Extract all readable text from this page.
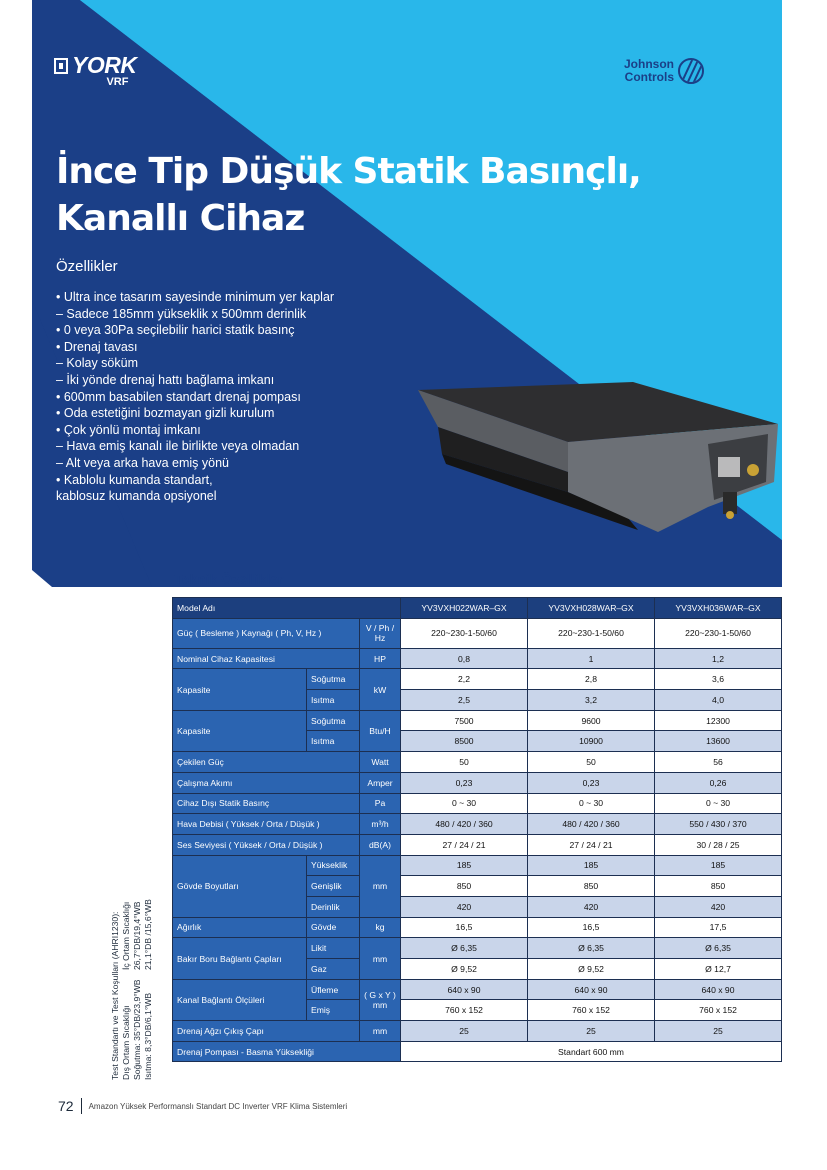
YORK
VRF
Johnson
Controls
İnce Tip Düşük Statik Basınçlı,
Kanallı Cihaz
Özellikler
• Ultra ince tasarım sayesinde minimum yer kaplar
– Sadece 185mm yükseklik x 500mm derinlik
• 0 veya 30Pa seçilebilir harici statik basınç
• Drenaj tavası
– Kolay söküm
– İki yönde drenaj hattı bağlama imkanı
• 600mm basabilen standart drenaj pompası
• Oda estetiğini bozmayan gizli kurulum
• Çok yönlü montaj imkanı
– Hava emiş kanalı ile birlikte veya olmadan
– Alt veya arka hava emiş yönü
• Kablolu kumanda standart,
kablosuz kumanda opsiyonel
Teknik Özellikler
Model Adı			YV3VXH022WAR–GX	YV3VXH028WAR–GX	YV3VXH036WAR–GX
Güç ( Besleme ) Kaynağı ( Ph, V, Hz )		V / Ph / Hz	220~230-1-50/60	220~230-1-50/60	220~230-1-50/60
Nominal Cihaz Kapasitesi		HP	0,8	1	1,2
Kapasite	Soğutma	kW	2,2	2,8	3,6
	Isıtma		2,5	3,2	4,0
Kapasite	Soğutma	Btu/H	7500	9600	12300
	Isıtma		8500	10900	13600
Çekilen Güç		Watt	50	50	56
Çalışma Akımı		Amper	0,23	0,23	0,26
Cihaz Dışı Statik Basınç		Pa	0 ~ 30	0 ~ 30	0 ~ 30
Hava Debisi ( Yüksek / Orta / Düşük )		m³/h	480 / 420 / 360	480 / 420 / 360	550 / 430 / 370
Ses Seviyesi ( Yüksek / Orta / Düşük )		dB(A)	27 / 24 / 21	27 / 24 / 21	30 / 28 / 25
Gövde Boyutları	Yükseklik	mm	185	185	185
	Genişlik		850	850	850
	Derinlik		420	420	420
Ağırlık	Gövde	kg	16,5	16,5	17,5
Bakır Boru Bağlantı Çapları	Likit	mm	Ø 6,35	Ø 6,35	Ø 6,35
	Gaz		Ø 9,52	Ø 9,52	Ø 12,7
Kanal Bağlantı Ölçüleri	Üfleme	( G x Y ) mm	640 x 90	640 x 90	640 x 90
	Emiş		760 x 152	760 x 152	760 x 152
Drenaj Ağzı Çıkış Çapı		mm	25	25	25
Drenaj Pompası - Basma Yüksekliği			Standart 600 mm		
Test Standartı ve Test Koşulları (AHRI1230): Dış Ortam Sıcaklığı
İç Ortam Sıcaklığı
Soğutma: 35°DB/23,9°WB
26,7°DB/19,4°WB
Isıtma: 8,3°DB/6,1°WB
21,1°DB /15,6°WB
72 Amazon Yüksek Performanslı Standart DC Inverter VRF Klima Sistemleri
